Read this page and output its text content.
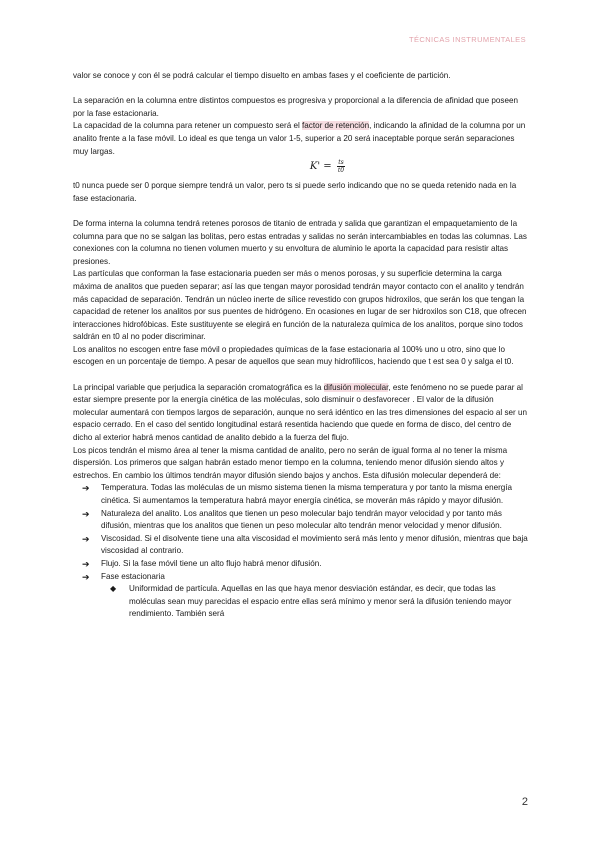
TÉCNICAS INSTRUMENTALES

valor se conoce y con él se podrá calcular el tiempo disuelto en ambas fases y el coeficiente de partición.

La separación en la columna entre distintos compuestos es progresiva y proporcional a la diferencia de afinidad que poseen por la fase estacionaria.

La capacidad de la columna para retener un compuesto será el factor de retención, indicando la afinidad de la columna por un analito frente a la fase móvil. Lo ideal es que tenga un valor 1-5, superior a 20 será inaceptable porque serán separaciones muy largas.

$K' = \frac{ts}{t0}$

t0 nunca puede ser 0 porque siempre tendrá un valor, pero ts si puede serlo indicando que no se queda retenido nada en la fase estacionaria.

De forma interna la columna tendrá retenes porosos de titanio de entrada y salida que garantizan el empaquetamiento de la columna para que no se salgan las bolitas, pero estas entradas y salidas no serán intercambiables en todas las columnas. Las conexiones con la columna no tienen volumen muerto y su envoltura de aluminio le aporta la capacidad para resistir altas presiones.

Las partículas que conforman la fase estacionaria pueden ser más o menos porosas, y su superficie determina la carga máxima de analitos que pueden separar; así las que tengan mayor porosidad tendrán mayor contacto con el analito y tendrán más capacidad de separación. Tendrán un núcleo inerte de sílice revestido con grupos hidroxilos, que serán los que tengan la capacidad de retener los analitos por sus puentes de hidrógeno. En ocasiones en lugar de ser hidroxilos son C18, que ofrecen interacciones hidrofóbicas. Este sustituyente se elegirá en función de la naturaleza química de los analitos, porque sino todos saldrán en t0 al no poder discriminar.

Los analitos no escogen entre fase móvil o propiedades químicas de la fase estacionaria al 100% uno u otro, sino que lo escogen en un porcentaje de tiempo. A pesar de aquellos que sean muy hidrofílicos, haciendo que t est sea 0 y salga el t0.

La principal variable que perjudica la separación cromatográfica es la difusión molecular, este fenómeno no se puede parar al estar siempre presente por la energía cinética de las moléculas, solo disminuir o desfavorecer . El valor de la difusión molecular aumentará con tiempos largos de separación, aunque no será idéntico en las tres dimensiones del espacio al ser un espacio cerrado. En el caso del sentido longitudinal estará resentida haciendo que quede en forma de disco, del centro de dicho al exterior habrá menos cantidad de analito debido a la fuerza del flujo.

Los picos tendrán el mismo área al tener la misma cantidad de analito, pero no serán de igual forma al no tener la misma dispersión. Los primeros que salgan habrán estado menor tiempo en la columna, teniendo menor difusión siendo altos y estrechos. En cambio los últimos tendrán mayor difusión siendo bajos y anchos. Esta difusión molecular dependerá de:

➔ Temperatura. Todas las moléculas de un mismo sistema tienen la misma temperatura y por tanto la misma energía cinética. Si aumentamos la temperatura habrá mayor energía cinética, se moverán más rápido y mayor difusión.
➔ Naturaleza del analito. Los analitos que tienen un peso molecular bajo tendrán mayor velocidad y por tanto más difusión, mientras que los analitos que tienen un peso molecular alto tendrán menor velocidad y menor difusión.
➔ Viscosidad. Si el disolvente tiene una alta viscosidad el movimiento será más lento y menor difusión, mientras que baja viscosidad al contrario.
➔ Flujo. Si la fase móvil tiene un alto flujo habrá menor difusión.
➔ Fase estacionaria
◆ Uniformidad de partícula. Aquellas en las que haya menor desviación estándar, es decir, que todas las moléculas sean muy parecidas el espacio entre ellas será mínimo y menor será la difusión teniendo mayor rendimiento. También será
2
